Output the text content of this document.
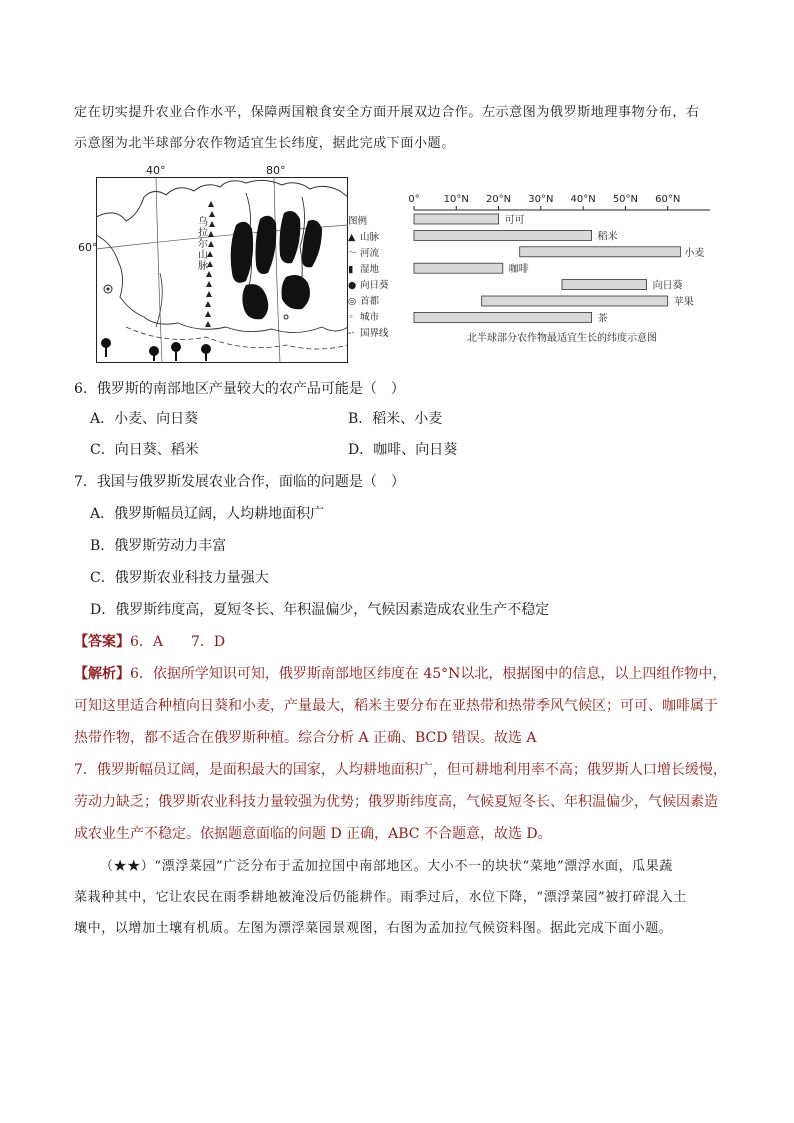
定在切实提升农业合作水平，保障两国粮食安全方面开展双边合作。左示意图为俄罗斯地理事物分布，右
示意图为北半球部分农作物适宜生长纬度，据此完成下面小题。
40°	80°
60°
乌拉尔山脉
图例
▲ 山脉
〜 河流
▮ 湿地
● 向日葵
◎ 首都
◦ 城市
-· 国界线
0° 10°N 20°N 30°N 40°N 50°N 60°N
可可
稻米
小麦
咖啡
向日葵
苹果
茶
北半球部分农作物最适宜生长的纬度示意图
6．俄罗斯的南部地区产量较大的农产品可能是（　）
A．小麦、向日葵	B．稻米、小麦
C．向日葵、稻米	D．咖啡、向日葵
7．我国与俄罗斯发展农业合作，面临的问题是（　）
A．俄罗斯幅员辽阔，人均耕地面积广
B．俄罗斯劳动力丰富
C．俄罗斯农业科技力量强大
D．俄罗斯纬度高，夏短冬长、年积温偏少，气候因素造成农业生产不稳定
【答案】6．A　　7．D
【解析】6．依据所学知识可知，俄罗斯南部地区纬度在 45°N以北，根据图中的信息，以上四组作物中，
可知这里适合种植向日葵和小麦，产量最大，稻米主要分布在亚热带和热带季风气候区；可可、咖啡属于
热带作物，都不适合在俄罗斯种植。综合分析 A 正确、BCD 错误。故选 A
7．俄罗斯幅员辽阔，是面积最大的国家，人均耕地面积广，但可耕地利用率不高；俄罗斯人口增长缓慢，
劳动力缺乏；俄罗斯农业科技力量较强为优势；俄罗斯纬度高，气候夏短冬长、年积温偏少，气候因素造
成农业生产不稳定。依据题意面临的问题 D 正确，ABC 不合题意，故选 D。
（★★）“漂浮菜园”广泛分布于孟加拉国中南部地区。大小不一的块状“菜地”漂浮水面，瓜果蔬
菜栽种其中，它让农民在雨季耕地被淹没后仍能耕作。雨季过后，水位下降，“漂浮菜园”被打碎混入土
壤中，以增加土壤有机质。左图为漂浮菜园景观图，右图为孟加拉气候资料图。据此完成下面小题。
